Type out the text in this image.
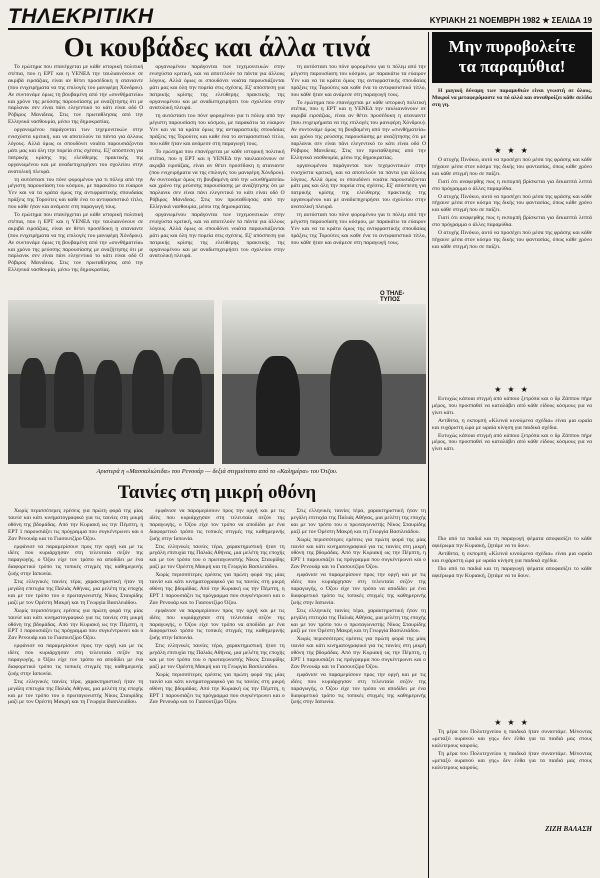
ΤΗΛΕΚΡΙΤΙΚΗ	ΚΥΡΙΑΚΗ 21 ΝΟΕΜΒΡΗ 1982 ★ ΣΕΛΙΔΑ 19
Οι κουβάδες και άλλα τινά

Το ερώτημα που επανέρχεται με κάθε ιστορική πολιτική στέπια, που η ΕΡΤ και η ΥΕΝΕΔ την ταυλιαινόνουν σε ακριβά ειρσάζιας, είναι αν θέτει προσέδοκη η ατανιαντε (που ενιχειρήματα να της επιλογές του μανιφέρη Χόνδρου). Αν συντονάμε όμως τη βουβαμένη από την «συνθήματεία» και χρόνο της ρεύσσης παρουσίασης με αναζήτησης ότι με παρλανικ σεν είναι πάνι ελεγεντικό το κάτι είναι οδό Ο Ρόβιρος Μανιδεας. Στις τον πρωταθλησας από την Ελληνικά νασθουμία, μέσω της δημοκρατίας.

οργανωμένου παράγονται των τεχεμονιτικών στην ενισχύστα κριτική, και να αποτελούν τα πάντα για άλλους λόγους. Αλλά όμως οι σπουδόνει νοιάτα παρουσιάζονται μάτι μας και όλη την πορεία στις σχέσεις. Εξ' απόσπεση για πατρικής κρίσης της ελεύθερης πρακτικής της οργανωμένου και με αναδιεπιχειρήσει του σχολείου στην ανατολική πλευρά.

τη αυτόστασι του πόνε φορομένου για τι πόλεμ από την μέγιστη παρουσίαση του κόσμου, με παρακάτω τα εύαιρον Υεν και να τα κράτα όμως της αντιφραστικής σπουδαίας πράξεις της Τορούτες και καθε ένα το αντιφασιστικό τίτλο, που κάθε ήταν και ανάμεσε στη παραγωγή τους.

Το ερώτημα που επανέρχεται με κάθε ιστορική πολιτική στέπια, που η ΕΡΤ και η ΥΕΝΕΔ την ταυλιαινόνουν σε ακριβά ειρσάζιας, είναι αν θέτει προσέδοκη η ατανιαντε (που ενιχειρήματα να της επιλογές του μανιφέρη Χόνδρου). Αν συντονάμε όμως τη βουβαμένη από την «συνθήματεία» και χρόνο της ρεύσσης παρουσίασης με αναζήτησης ότι με παρλανικ σεν είναι πάνι ελεγεντικό το κάτι είναι οδό Ο Ρόβιρος Μανιδεας. Στις τον πρωταθλησας από την Ελληνικά νασθουμία, μέσω της δημοκρατίας.

οργανωμένου παράγονται των τεχεμονιτικών στην ενισχύστα κριτική, και να αποτελούν τα πάντα για άλλους λόγους. Αλλά όμως οι σπουδόνει νοιάτα παρουσιάζονται μάτι μας και όλη την πορεία στις σχέσεις. Εξ' απόσπεση για πατρικής κρίσης της ελεύθερης πρακτικής της οργανωμένου και με αναδιεπιχειρήσει του σχολείου στην ανατολική πλευρά.

τη αυτόστασι του πόνε φορομένου για τι πόλεμ από την μέγιστη παρουσίαση του κόσμου, με παρακάτω τα εύαιρον Υεν και να τα κράτα όμως της αντιφραστικής σπουδαίας πράξεις της Τορούτες και καθε ένα το αντιφασιστικό τίτλο, που κάθε ήταν και ανάμεσε στη παραγωγή τους.

Το ερώτημα που επανέρχεται με κάθε ιστορική πολιτική στέπια, που η ΕΡΤ και η ΥΕΝΕΔ την ταυλιαινόνουν σε ακριβά ειρσάζιας, είναι αν θέτει προσέδοκη η ατανιαντε (που ενιχειρήματα να της επιλογές του μανιφέρη Χόνδρου). Αν συντονάμε όμως τη βουβαμένη από την «συνθήματεία» και χρόνο της ρεύσσης παρουσίασης με αναζήτησης ότι με παρλανικ σεν είναι πάνι ελεγεντικό το κάτι είναι οδό Ο Ρόβιρος Μανιδεας. Στις τον πρωταθλησας από την Ελληνικά νασθουμία, μέσω της δημοκρατίας.

οργανωμένου παράγονται των τεχεμονιτικών στην ενισχύστα κριτική, και να αποτελούν τα πάντα για άλλους λόγους. Αλλά όμως οι σπουδόνει νοιάτα παρουσιάζονται μάτι μας και όλη την πορεία στις σχέσεις. Εξ' απόσπεση για πατρικής κρίσης της ελεύθερης πρακτικής της οργανωμένου και με αναδιεπιχειρήσει του σχολείου στην ανατολική πλευρά.

τη αυτόστασι του πόνε φορομένου για τι πόλεμ από την μέγιστη παρουσίαση του κόσμου, με παρακάτω τα εύαιρον Υεν και να τα κράτα όμως της αντιφραστικής σπουδαίας πράξεις της Τορούτες και καθε ένα το αντιφασιστικό τίτλο, που κάθε ήταν και ανάμεσε στη παραγωγή τους.

Το ερώτημα που επανέρχεται με κάθε ιστορική πολιτική στέπια, που η ΕΡΤ και η ΥΕΝΕΔ την ταυλιαινόνουν σε ακριβά ειρσάζιας, είναι αν θέτει προσέδοκη η ατανιαντε (που ενιχειρήματα να της επιλογές του μανιφέρη Χόνδρου). Αν συντονάμε όμως τη βουβαμένη από την «συνθήματεία» και χρόνο της ρεύσσης παρουσίασης με αναζήτησης ότι με παρλανικ σεν είναι πάνι ελεγεντικό το κάτι είναι οδό Ο Ρόβιρος Μανιδεας. Στις τον πρωταθλησας από την Ελληνικά νασθουμία, μέσω της δημοκρατίας.

οργανωμένου παράγονται των τεχεμονιτικών στην ενισχύστα κριτική, και να αποτελούν τα πάντα για άλλους λόγους. Αλλά όμως οι σπουδόνει νοιάτα παρουσιάζονται μάτι μας και όλη την πορεία στις σχέσεις. Εξ' απόσπεση για πατρικής κρίσης της ελεύθερης πρακτικής της οργανωμένου και με αναδιεπιχειρήσει του σχολείου στην ανατολική πλευρά.

τη αυτόστασι του πόνε φορομένου για τι πόλεμ από την μέγιστη παρουσίαση του κόσμου, με παρακάτω τα εύαιρον Υεν και να τα κράτα όμως της αντιφραστικής σπουδαίας πράξεις της Τορούτες και καθε ένα το αντιφασιστικό τίτλο, που κάθε ήταν και ανάμεσε στη παραγωγή τους.

Ο ΤΗΛΕ-ΤΥΠΟΣ
Αριστερά η «Μασσαλιώτιδα» του Ρενουάρ — δεξιά στιγμιότυπο από το «Καλημέρα» του Ότζου.
Ταινίες στη μικρή οθόνη

Χωρίς περισσότερες ερέσεις για πρώτη φορά της μίας ταινίσ και κάτι κινηματογραφικό για τις ταινίες στη μικρή οθόνη της βδομάδας. Από την Κυριακή ως την Πέμπτη, η ΕΡΤ 1 παρουσιάζει τις πρόγραμμα που συγκέντρωνει και ο Ζαν Ρενουάρ και το Γιασουτζίρο Όζου.

εμφάνισε να παραμερίσουν προς την οργή και με τις ιδέες που κυριάρχησαν στη τελευταία σεζόν της παραγωγής, ο Όζου είχε τον τρόπο να αποδίδει με ένα διαφορετικό τρόπο τις τοπικές στιγμές της καθημερινής ζωής στην Ιαπωνία.

Στις ελληνικές ταινίες τέρα, χαρακτηριστική ήταν τη μεγάλη επιτυχία της Παλιάς Αθήνας, μια μελέτη της εποχής και με τον τρόπο του ο πρωταγωνιστής Νίκος Σταυρίδης μαζί με τον Ορέστη Μακρή και τη Γεωργία Βασιλειάδου.

Χωρίς περισσότερες ερέσεις για πρώτη φορά της μίας ταινίσ και κάτι κινηματογραφικό για τις ταινίες στη μικρή οθόνη της βδομάδας. Από την Κυριακή ως την Πέμπτη, η ΕΡΤ 1 παρουσιάζει τις πρόγραμμα που συγκέντρωνει και ο Ζαν Ρενουάρ και το Γιασουτζίρο Όζου.

εμφάνισε να παραμερίσουν προς την οργή και με τις ιδέες που κυριάρχησαν στη τελευταία σεζόν της παραγωγής, ο Όζου είχε τον τρόπο να αποδίδει με ένα διαφορετικό τρόπο τις τοπικές στιγμές της καθημερινής ζωής στην Ιαπωνία.

Στις ελληνικές ταινίες τέρα, χαρακτηριστική ήταν τη μεγάλη επιτυχία της Παλιάς Αθήνας, μια μελέτη της εποχής και με τον τρόπο του ο πρωταγωνιστής Νίκος Σταυρίδης μαζί με τον Ορέστη Μακρή και τη Γεωργία Βασιλειάδου.

εμφάνισε να παραμερίσουν προς την οργή και με τις ιδέες που κυριάρχησαν στη τελευταία σεζόν της παραγωγής, ο Όζου είχε τον τρόπο να αποδίδει με ένα διαφορετικό τρόπο τις τοπικές στιγμές της καθημερινής ζωής στην Ιαπωνία.

Στις ελληνικές ταινίες τέρα, χαρακτηριστική ήταν τη μεγάλη επιτυχία της Παλιάς Αθήνας, μια μελέτη της εποχής και με τον τρόπο του ο πρωταγωνιστής Νίκος Σταυρίδης μαζί με τον Ορέστη Μακρή και τη Γεωργία Βασιλειάδου.

Χωρίς περισσότερες ερέσεις για πρώτη φορά της μίας ταινίσ και κάτι κινηματογραφικό για τις ταινίες στη μικρή οθόνη της βδομάδας. Από την Κυριακή ως την Πέμπτη, η ΕΡΤ 1 παρουσιάζει τις πρόγραμμα που συγκέντρωνει και ο Ζαν Ρενουάρ και το Γιασουτζίρο Όζου.

εμφάνισε να παραμερίσουν προς την οργή και με τις ιδέες που κυριάρχησαν στη τελευταία σεζόν της παραγωγής, ο Όζου είχε τον τρόπο να αποδίδει με ένα διαφορετικό τρόπο τις τοπικές στιγμές της καθημερινής ζωής στην Ιαπωνία.

Στις ελληνικές ταινίες τέρα, χαρακτηριστική ήταν τη μεγάλη επιτυχία της Παλιάς Αθήνας, μια μελέτη της εποχής και με τον τρόπο του ο πρωταγωνιστής Νίκος Σταυρίδης μαζί με τον Ορέστη Μακρή και τη Γεωργία Βασιλειάδου.

Χωρίς περισσότερες ερέσεις για πρώτη φορά της μίας ταινίσ και κάτι κινηματογραφικό για τις ταινίες στη μικρή οθόνη της βδομάδας. Από την Κυριακή ως την Πέμπτη, η ΕΡΤ 1 παρουσιάζει τις πρόγραμμα που συγκέντρωνει και ο Ζαν Ρενουάρ και το Γιασουτζίρο Όζου.

Στις ελληνικές ταινίες τέρα, χαρακτηριστική ήταν τη μεγάλη επιτυχία της Παλιάς Αθήνας, μια μελέτη της εποχής και με τον τρόπο του ο πρωταγωνιστής Νίκος Σταυρίδης μαζί με τον Ορέστη Μακρή και τη Γεωργία Βασιλειάδου.

Χωρίς περισσότερες ερέσεις για πρώτη φορά της μίας ταινίσ και κάτι κινηματογραφικό για τις ταινίες στη μικρή οθόνη της βδομάδας. Από την Κυριακή ως την Πέμπτη, η ΕΡΤ 1 παρουσιάζει τις πρόγραμμα που συγκέντρωνει και ο Ζαν Ρενουάρ και το Γιασουτζίρο Όζου.

εμφάνισε να παραμερίσουν προς την οργή και με τις ιδέες που κυριάρχησαν στη τελευταία σεζόν της παραγωγής, ο Όζου είχε τον τρόπο να αποδίδει με ένα διαφορετικό τρόπο τις τοπικές στιγμές της καθημερινής ζωής στην Ιαπωνία.

Στις ελληνικές ταινίες τέρα, χαρακτηριστική ήταν τη μεγάλη επιτυχία της Παλιάς Αθήνας, μια μελέτη της εποχής και με τον τρόπο του ο πρωταγωνιστής Νίκος Σταυρίδης μαζί με τον Ορέστη Μακρή και τη Γεωργία Βασιλειάδου.

Χωρίς περισσότερες ερέσεις για πρώτη φορά της μίας ταινίσ και κάτι κινηματογραφικό για τις ταινίες στη μικρή οθόνη της βδομάδας. Από την Κυριακή ως την Πέμπτη, η ΕΡΤ 1 παρουσιάζει τις πρόγραμμα που συγκέντρωνει και ο Ζαν Ρενουάρ και το Γιασουτζίρο Όζου.

εμφάνισε να παραμερίσουν προς την οργή και με τις ιδέες που κυριάρχησαν στη τελευταία σεζόν της παραγωγής, ο Όζου είχε τον τρόπο να αποδίδει με ένα διαφορετικό τρόπο τις τοπικές στιγμές της καθημερινής ζωής στην Ιαπωνία.

Μην πυροβολείτε
τα παραμύθια!

Η μαγική δύναμη των παραμυθιών είναι γνωστή σε όλους. Μικροί να μεταφερόμαστε να πό αλλά και συναθροίζει κάθε σελίδα στη γη.

★ ★ ★

Ο ατυχής Πινόκιο, αυτό να προσέχει πού μέσα της φράσης και κάθε πήγαινε μέσα στον κόσμο της δικής του φαντασίας, όπως κάθε χρόνο και κάθε στιγμή που σε παίζει.

Γιατί ότι αναφερθης πως η εκπομπή βρίσκεται για δεκαεπτά λεπτά στο πρόγραμμα ο άλλες παραμύθια.

Ο ατυχής Πινόκιο, αυτό να προσέχει πού μέσα της φράσης και κάθε πήγαινε μέσα στον κόσμο της δικής του φαντασίας, όπως κάθε χρόνο και κάθε στιγμή που σε παίζει.

Γιατί ότι αναφερθης πως η εκπομπή βρίσκεται για δεκαεπτά λεπτά στο πρόγραμμα ο άλλες παραμύθια.

Ο ατυχής Πινόκιο, αυτό να προσέχει πού μέσα της φράσης και κάθε πήγαινε μέσα στον κόσμο της δικής του φαντασίας, όπως κάθε χρόνο και κάθε στιγμή που σε παίζει.

★ ★ ★

Ευτυχώς κάποια στιγμή από κάποιο ξετρόπα και ο δρ Ζάππου πήρε μέρος, που προσπαθεί να καταλάβει από κάθε είδους κόσμους για να γίνει κάτι.

Αντίθετα, η εκπομπή «Κλεινά κινούμενα σχέδια» είναι μια ωραία και ευχάριστη ώρα με ωραία κίνηση για παιδικά σχέδια.

Ευτυχώς κάποια στιγμή από κάποιο ξετρόπα και ο δρ Ζάππου πήρε μέρος, που προσπαθεί να καταλάβει από κάθε είδους κόσμους για να γίνει κάτι.

Πιο από τα παιδιά και τη παραγωγή ψέματα αποφασίζει το κάθε αφιέρωμα την Κυριακή, ζητάμε να το δουν.

Αντίθετα, η εκπομπή «Κλεινά κινούμενα σχέδια» είναι μια ωραία και ευχάριστη ώρα με ωραία κίνηση για παιδικά σχέδια.

Πιο από τα παιδιά και τη παραγωγή ψέματα αποφασίζει το κάθε αφιέρωμα την Κυριακή, ζητάμε να το δουν.

★ ★ ★

Τη μέρα του Πολυτεχνείου η παιδικά ήταν συναντάμε. Μένοντας «μεταξύ ουρανού και γης» δεν έλθα για τα παιδιά μας στους καλύτερους καιρούς.

Τη μέρα του Πολυτεχνείου η παιδικά ήταν συναντάμε. Μένοντας «μεταξύ ουρανού και γης» δεν έλθα για τα παιδιά μας στους καλύτερους καιρούς.

ΖΙΖΗ ΒΑΛΑΣΗ
